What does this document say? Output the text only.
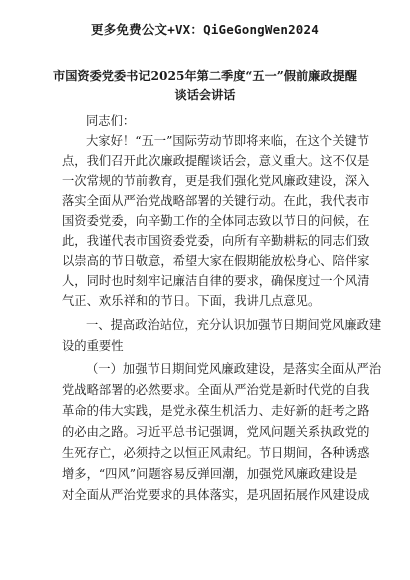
更多免费公文+VX：QiGeGongWen2024
市国资委党委书记2025年第二季度“五一”假前廉政提醒
谈话会讲话
同志们：
大家好！“五一”国际劳动节即将来临，在这个关键节
点，我们召开此次廉政提醒谈话会，意义重大。这不仅是
一次常规的节前教育，更是我们强化党风廉政建设，深入
落实全面从严治党战略部署的关键行动。在此，我代表市
国资委党委，向辛勤工作的全体同志致以节日的问候，在
此，我谨代表市国资委党委，向所有辛勤耕耘的同志们致
以崇高的节日敬意，希望大家在假期能放松身心、陪伴家
人，同时也时刻牢记廉洁自律的要求，确保度过一个风清
气正、欢乐祥和的节日。下面，我讲几点意见。
一、提高政治站位，充分认识加强节日期间党风廉政建
设的重要性
（一）加强节日期间党风廉政建设，是落实全面从严治
党战略部署的必然要求。全面从严治党是新时代党的自我
革命的伟大实践，是党永葆生机活力、走好新的赶考之路
的必由之路。习近平总书记强调，党风问题关系执政党的
生死存亡，必须持之以恒正风肃纪。节日期间，各种诱惑
增多，“四风”问题容易反弹回潮，加强党风廉政建设是
对全面从严治党要求的具体落实，是巩固拓展作风建设成
